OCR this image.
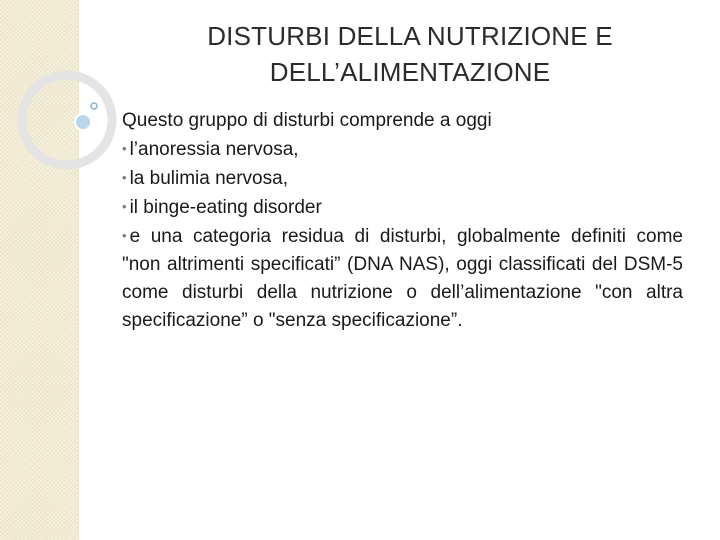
DISTURBI DELLA NUTRIZIONE E
DELL’ALIMENTAZIONE

Questo gruppo di disturbi comprende a oggi

• l’anoressia nervosa,
• la bulimia nervosa,
• il binge-eating disorder
• e una categoria residua di disturbi, globalmente definiti come "non altrimenti specificati” (DNA NAS), oggi classificati del DSM-5 come disturbi della nutrizione o dell’alimentazione "con altra specificazione” o "senza specificazione”.
